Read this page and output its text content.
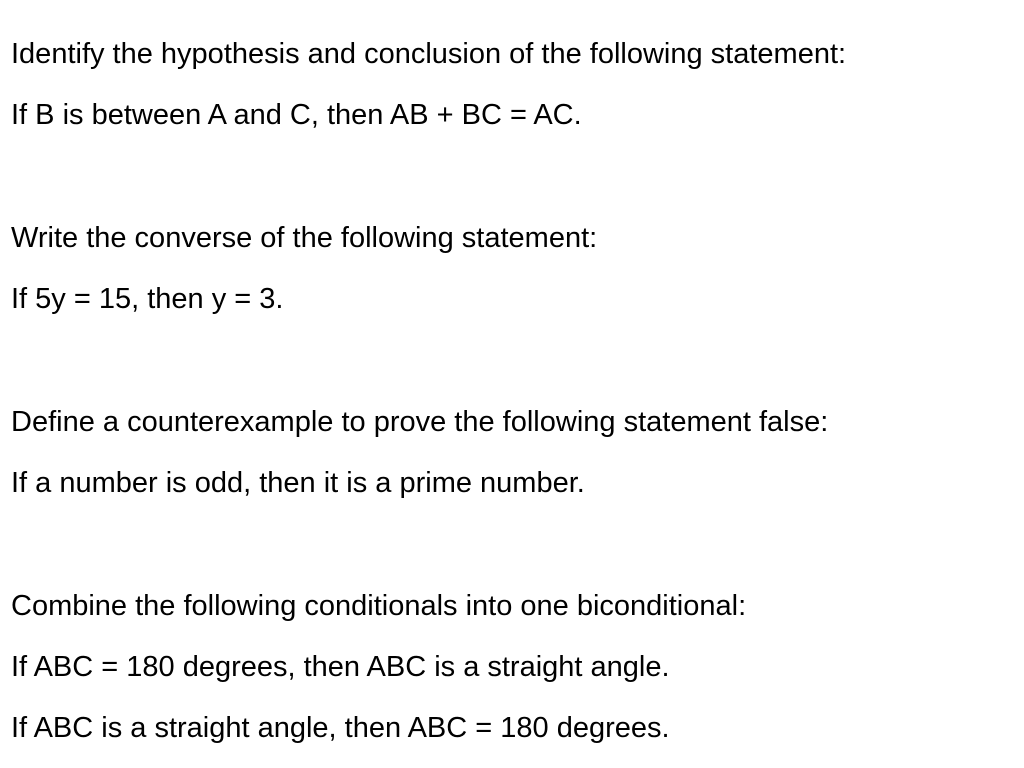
Identify the hypothesis and conclusion of the following statement:
If B is between A and C, then AB + BC = AC.
Write the converse of the following statement:
If 5y = 15, then y = 3.
Define a counterexample to prove the following statement false:
If a number is odd, then it is a prime number.
Combine the following conditionals into one biconditional:
If ABC = 180 degrees, then ABC is a straight angle.
If ABC is a straight angle, then ABC = 180 degrees.
